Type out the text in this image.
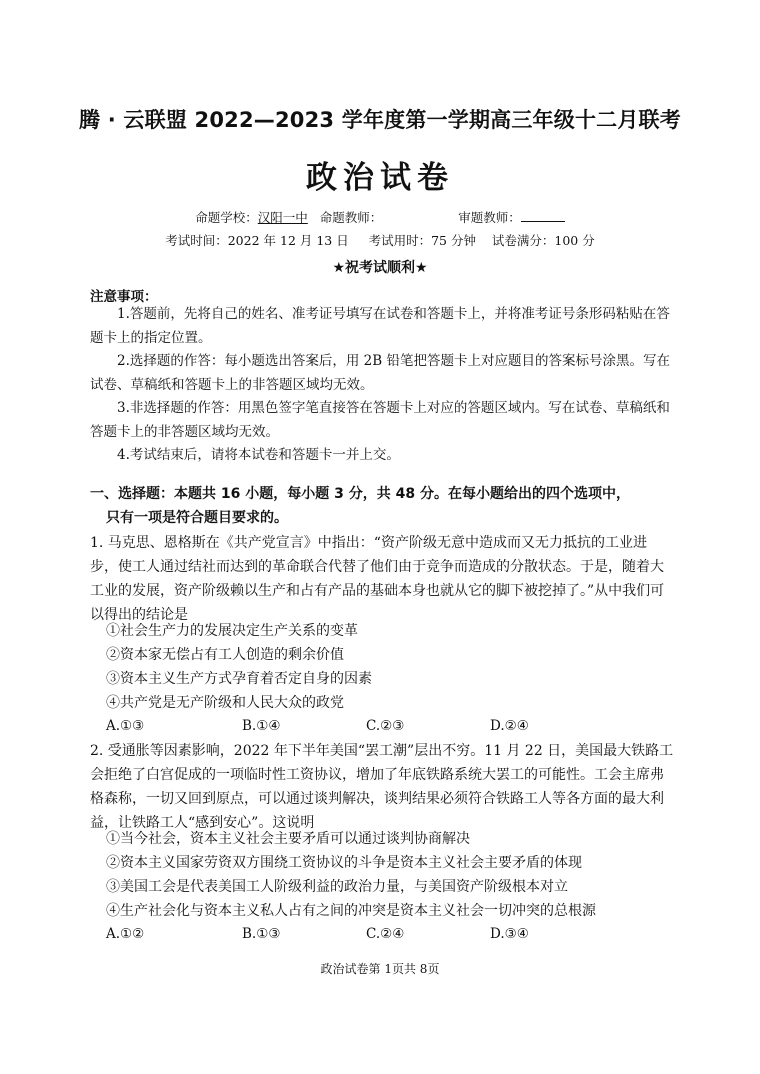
腾 · 云联盟 2022—2023 学年度第一学期高三年级十二月联考
政治试卷
命题学校：汉阳一中 命题教师：	审题教师：
考试时间：2022 年 12 月 13 日 考试用时：75 分钟 试卷满分：100 分
★祝考试顺利★
注意事项：
1.答题前，先将自己的姓名、准考证号填写在试卷和答题卡上，并将准考证号条形码粘贴在答题卡上的指定位置。
2.选择题的作答：每小题选出答案后，用 2B 铅笔把答题卡上对应题目的答案标号涂黑。写在试卷、草稿纸和答题卡上的非答题区域均无效。
3.非选择题的作答：用黑色签字笔直接答在答题卡上对应的答题区域内。写在试卷、草稿纸和答题卡上的非答题区域均无效。
4.考试结束后，请将本试卷和答题卡一并上交。
一、选择题：本题共 16 小题，每小题 3 分，共 48 分。在每小题给出的四个选项中，
只有一项是符合题目要求的。
1. 马克思、恩格斯在《共产党宣言》中指出：“资产阶级无意中造成而又无力抵抗的工业进步，使工人通过结社而达到的革命联合代替了他们由于竞争而造成的分散状态。于是，随着大工业的发展，资产阶级赖以生产和占有产品的基础本身也就从它的脚下被挖掉了。”从中我们可以得出的结论是
①社会生产力的发展决定生产关系的变革
②资本家无偿占有工人创造的剩余价值
③资本主义生产方式孕育着否定自身的因素
④共产党是无产阶级和人民大众的政党
A.①③	B.①④	C.②③	D.②④
2. 受通胀等因素影响，2022 年下半年美国“罢工潮”层出不穷。11 月 22 日，美国最大铁路工会拒绝了白宫促成的一项临时性工资协议，增加了年底铁路系统大罢工的可能性。工会主席弗格森称，一切又回到原点，可以通过谈判解决，谈判结果必须符合铁路工人等各方面的最大利益，让铁路工人“感到安心”。这说明
①当今社会，资本主义社会主要矛盾可以通过谈判协商解决
②资本主义国家劳资双方围绕工资协议的斗争是资本主义社会主要矛盾的体现
③美国工会是代表美国工人阶级利益的政治力量，与美国资产阶级根本对立
④生产社会化与资本主义私人占有之间的冲突是资本主义社会一切冲突的总根源
A.①②	B.①③	C.②④	D.③④
政治试卷第 1页共 8页
